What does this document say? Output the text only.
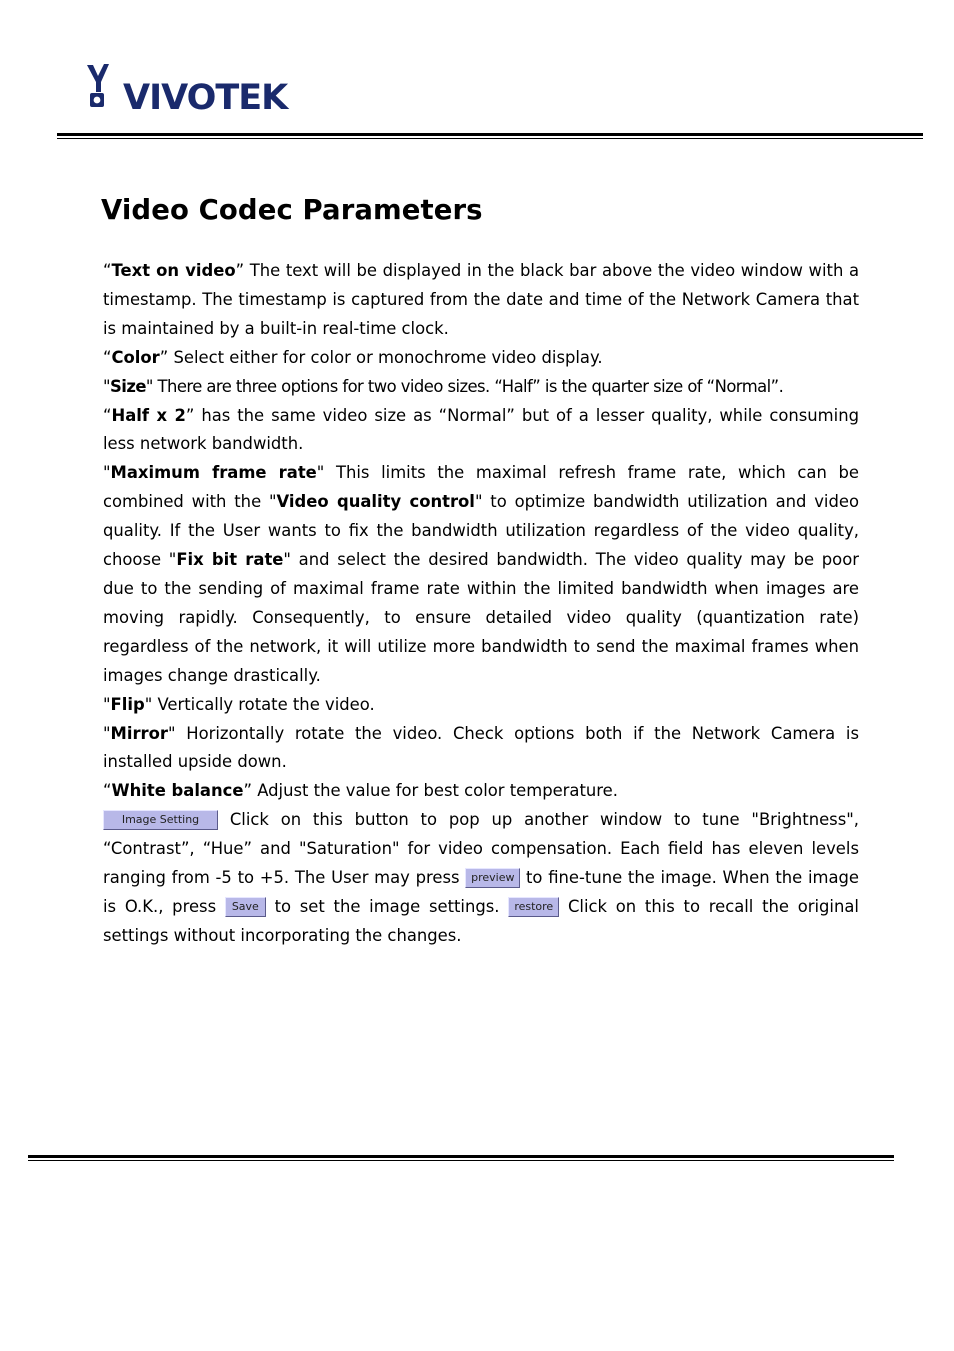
VIVOTEK
Video Codec Parameters

“Text on video” The text will be displayed in the black bar above the video window with a timestamp. The timestamp is captured from the date and time of the Network Camera that is maintained by a built-in real-time clock.

“Color” Select either for color or monochrome video display.

"Size" There are three options for two video sizes. “Half” is the quarter size of “Normal”.

“Half x 2” has the same video size as “Normal” but of a lesser quality, while consuming less network bandwidth.

"Maximum frame rate" This limits the maximal refresh frame rate, which can be combined with the "Video quality control" to optimize bandwidth utilization and video quality. If the User wants to fix the bandwidth utilization regardless of the video quality, choose "Fix bit rate" and select the desired bandwidth. The video quality may be poor due to the sending of maximal frame rate within the limited bandwidth when images are moving rapidly. Consequently, to ensure detailed video quality (quantization rate) regardless of the network, it will utilize more bandwidth to send the maximal frames when images change drastically.

"Flip" Vertically rotate the video.

"Mirror" Horizontally rotate the video. Check options both if the Network Camera is installed upside down.

“White balance” Adjust the value for best color temperature.

Image Setting Click on this button to pop up another window to tune "Brightness", “Contrast”, “Hue” and "Saturation" for video compensation. Each field has eleven levels ranging from -5 to +5. The User may press preview to fine-tune the image. When the image is O.K., press Save to set the image settings. restore Click on this to recall the original settings without incorporating the changes.
